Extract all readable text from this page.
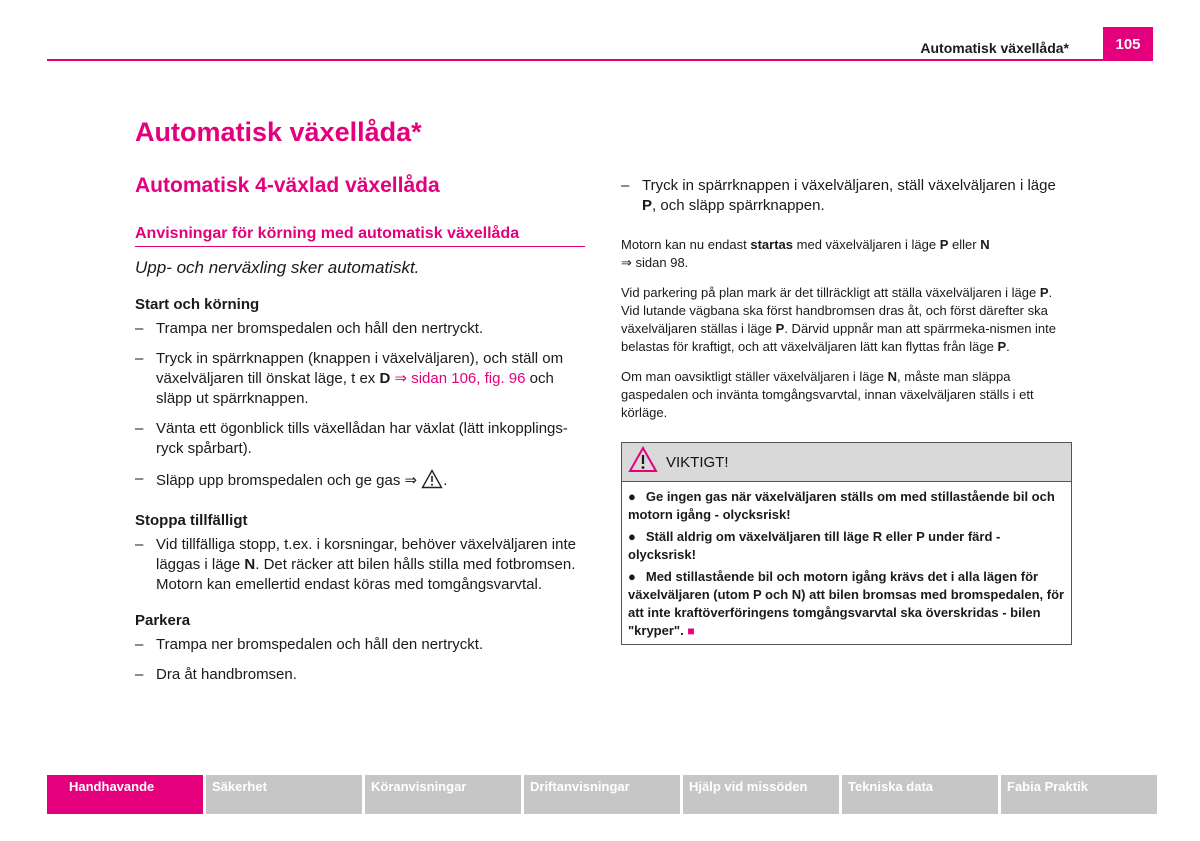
Automatisk växellåda*	105
Automatisk växellåda*
Automatisk 4-växlad växellåda
Anvisningar för körning med automatisk växellåda
Upp- och nerväxling sker automatiskt.
Start och körning
– Trampa ner bromspedalen och håll den nertryckt.
– Tryck in spärrknappen (knappen i växelväljaren), och ställ om växelväljaren till önskat läge, t ex D ⇒ sidan 106, fig. 96 och släpp ut spärrknappen.
– Vänta ett ögonblick tills växellådan har växlat (lätt inkopplings-ryck spårbart).
– Släpp upp bromspedalen och ge gas ⇒ .
Stoppa tillfälligt
– Vid tillfälliga stopp, t.ex. i korsningar, behöver växelväljaren inte läggas i läge N. Det räcker att bilen hålls stilla med fotbromsen. Motorn kan emellertid endast köras med tomgångsvarvtal.
Parkera
– Trampa ner bromspedalen och håll den nertryckt.
– Dra åt handbromsen.
– Tryck in spärrknappen i växelväljaren, ställ växelväljaren i läge P, och släpp spärrknappen.
Motorn kan nu endast startas med växelväljaren i läge P eller N
⇒ sidan 98.
Vid parkering på plan mark är det tillräckligt att ställa växelväljaren i läge P. Vid lutande vägbana ska först handbromsen dras åt, och först därefter ska växelväljaren ställas i läge P. Därvid uppnår man att spärrmeka-nismen inte belastas för kraftigt, och att växelväljaren lätt kan flyttas från läge P.
Om man oavsiktligt ställer växelväljaren i läge N, måste man släppa gaspedalen och invänta tomgångsvarvtal, innan växelväljaren ställs i ett körläge.
VIKTIGT!
● Ge ingen gas när växelväljaren ställs om med stillastående bil och motorn igång - olycksrisk!
● Ställ aldrig om växelväljaren till läge R eller P under färd - olycksrisk!
● Med stillastående bil och motorn igång krävs det i alla lägen för växelväljaren (utom P och N) att bilen bromsas med bromspedalen, för att inte kraftöverföringens tomgångsvarvtal ska överskridas - bilen "kryper". ■
Handhavande	Säkerhet	Köranvisningar	Driftanvisningar	Hjälp vid missöden	Tekniska data	Fabia Praktik
